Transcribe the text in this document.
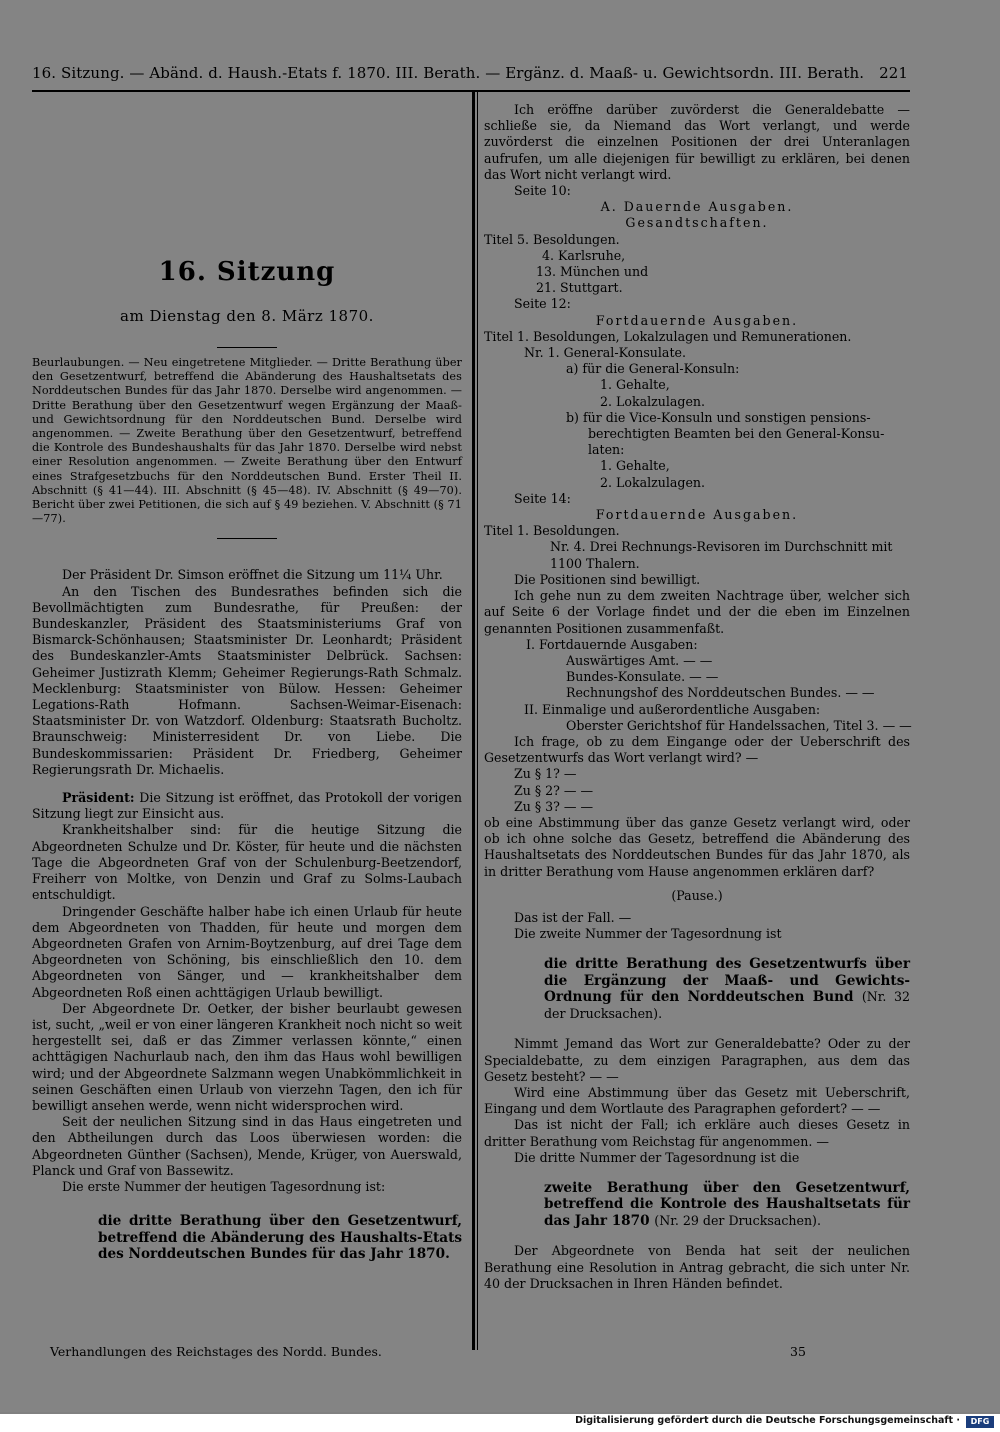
16. Sitzung. — Abänd. d. Haush.-Etats f. 1870. III. Berath. — Ergänz. d. Maaß- u. Gewichtsordn. III. Berath. 221
16. Sitzung
am Dienstag den 8. März 1870.

Beurlaubungen. — Neu eingetretene Mitglieder. — Dritte Berathung über den Gesetzentwurf, betreffend die Abänderung des Haushaltsetats des Norddeutschen Bundes für das Jahr 1870. Derselbe wird angenommen. — Dritte Berathung über den Gesetzentwurf wegen Ergänzung der Maaß- und Gewichtsordnung für den Norddeutschen Bund. Derselbe wird angenommen. — Zweite Berathung über den Gesetzentwurf, betreffend die Kontrole des Bundeshaushalts für das Jahr 1870. Derselbe wird nebst einer Resolution angenommen. — Zweite Berathung über den Entwurf eines Strafgesetzbuchs für den Norddeutschen Bund. Erster Theil II. Abschnitt (§ 41—44). III. Abschnitt (§ 45—48). IV. Abschnitt (§ 49—70). Bericht über zwei Petitionen, die sich auf § 49 beziehen. V. Abschnitt (§ 71—77).

Der Präsident Dr. Simson eröffnet die Sitzung um 11¼ Uhr.

An den Tischen des Bundesrathes befinden sich die Bevollmächtigten zum Bundesrathe, für Preußen: der Bundeskanzler, Präsident des Staatsministeriums Graf von Bismarck-Schönhausen; Staatsminister Dr. Leonhardt; Präsident des Bundeskanzler-Amts Staatsminister Delbrück. Sachsen: Geheimer Justizrath Klemm; Geheimer Regierungs-Rath Schmalz. Mecklenburg: Staatsminister von Bülow. Hessen: Geheimer Legations-Rath Hofmann. Sachsen-Weimar-Eisenach: Staatsminister Dr. von Watzdorf. Oldenburg: Staatsrath Bucholtz. Braunschweig: Ministerresident Dr. von Liebe. Die Bundeskommissarien: Präsident Dr. Friedberg, Geheimer Regierungsrath Dr. Michaelis.

Präsident: Die Sitzung ist eröffnet, das Protokoll der vorigen Sitzung liegt zur Einsicht aus.

Krankheitshalber sind: für die heutige Sitzung die Abgeordneten Schulze und Dr. Köster, für heute und die nächsten Tage die Abgeordneten Graf von der Schulenburg-Beetzendorf, Freiherr von Moltke, von Denzin und Graf zu Solms-Laubach entschuldigt.

Dringender Geschäfte halber habe ich einen Urlaub für heute dem Abgeordneten von Thadden, für heute und morgen dem Abgeordneten Grafen von Arnim-Boytzenburg, auf drei Tage dem Abgeordneten von Schöning, bis einschließlich den 10. dem Abgeordneten von Sänger, und — krankheitshalber dem Abgeordneten Roß einen achttägigen Urlaub bewilligt.

Der Abgeordnete Dr. Oetker, der bisher beurlaubt gewesen ist, sucht, „weil er von einer längeren Krankheit noch nicht so weit hergestellt sei, daß er das Zimmer verlassen könnte,“ einen achttägigen Nachurlaub nach, den ihm das Haus wohl bewilligen wird; und der Abgeordnete Salzmann wegen Unabkömmlichkeit in seinen Geschäften einen Urlaub von vierzehn Tagen, den ich für bewilligt ansehen werde, wenn nicht widersprochen wird.

Seit der neulichen Sitzung sind in das Haus eingetreten und den Abtheilungen durch das Loos überwiesen worden: die Abgeordneten Günther (Sachsen), Mende, Krüger, von Auerswald, Planck und Graf von Bassewitz.

Die erste Nummer der heutigen Tagesordnung ist:

die dritte Berathung über den Gesetzentwurf, betreffend die Abänderung des Haushalts-Etats des Norddeutschen Bundes für das Jahr 1870.

Ich eröffne darüber zuvörderst die Generaldebatte — schließe sie, da Niemand das Wort verlangt, und werde zuvörderst die einzelnen Positionen der drei Unteranlagen aufrufen, um alle diejenigen für bewilligt zu erklären, bei denen das Wort nicht verlangt wird.

Seite 10:

A. Dauernde Ausgaben.

Gesandtschaften.

Titel 5. Besoldungen.

4. Karlsruhe,

13. München und

21. Stuttgart.

Seite 12:

Fortdauernde Ausgaben.

Titel 1. Besoldungen, Lokalzulagen und Remunerationen.

Nr. 1. General-Konsulate.

a) für die General-Konsuln:

1. Gehalte,

2. Lokalzulagen.

b) für die Vice-Konsuln und sonstigen pensions-

berechtigten Beamten bei den General-Konsu-

laten:

1. Gehalte,

2. Lokalzulagen.

Seite 14:

Fortdauernde Ausgaben.

Titel 1. Besoldungen.

Nr. 4. Drei Rechnungs-Revisoren im Durchschnitt mit

1100 Thalern.

Die Positionen sind bewilligt.

Ich gehe nun zu dem zweiten Nachtrage über, welcher sich auf Seite 6 der Vorlage findet und der die eben im Einzelnen genannten Positionen zusammenfaßt.

I. Fortdauernde Ausgaben:

Auswärtiges Amt. — —

Bundes-Konsulate. — —

Rechnungshof des Norddeutschen Bundes. — —

II. Einmalige und außerordentliche Ausgaben:

Oberster Gerichtshof für Handelssachen, Titel 3. — —

Ich frage, ob zu dem Eingange oder der Ueberschrift des Gesetzentwurfs das Wort verlangt wird? —

Zu § 1? —

Zu § 2? — —

Zu § 3? — —

ob eine Abstimmung über das ganze Gesetz verlangt wird, oder ob ich ohne solche das Gesetz, betreffend die Abänderung des Haushaltsetats des Norddeutschen Bundes für das Jahr 1870, als in dritter Berathung vom Hause angenommen erklären darf?

(Pause.)

Das ist der Fall. —

Die zweite Nummer der Tagesordnung ist

die dritte Berathung des Gesetzentwurfs über die Ergänzung der Maaß- und Gewichts-Ordnung für den Norddeutschen Bund (Nr. 32 der Drucksachen).

Nimmt Jemand das Wort zur Generaldebatte? Oder zu der Specialdebatte, zu dem einzigen Paragraphen, aus dem das Gesetz besteht? — —

Wird eine Abstimmung über das Gesetz mit Ueberschrift, Eingang und dem Wortlaute des Paragraphen gefordert? — —

Das ist nicht der Fall; ich erkläre auch dieses Gesetz in dritter Berathung vom Reichstag für angenommen. —

Die dritte Nummer der Tagesordnung ist die

zweite Berathung über den Gesetzentwurf, betreffend die Kontrole des Haushaltsetats für das Jahr 1870 (Nr. 29 der Drucksachen).

Der Abgeordnete von Benda hat seit der neulichen Berathung eine Resolution in Antrag gebracht, die sich unter Nr. 40 der Drucksachen in Ihren Händen befindet.

Verhandlungen des Reichstages des Nordd. Bundes.	35
Digitalisierung gefördert durch die Deutsche Forschungsgemeinschaft ·	DFG
